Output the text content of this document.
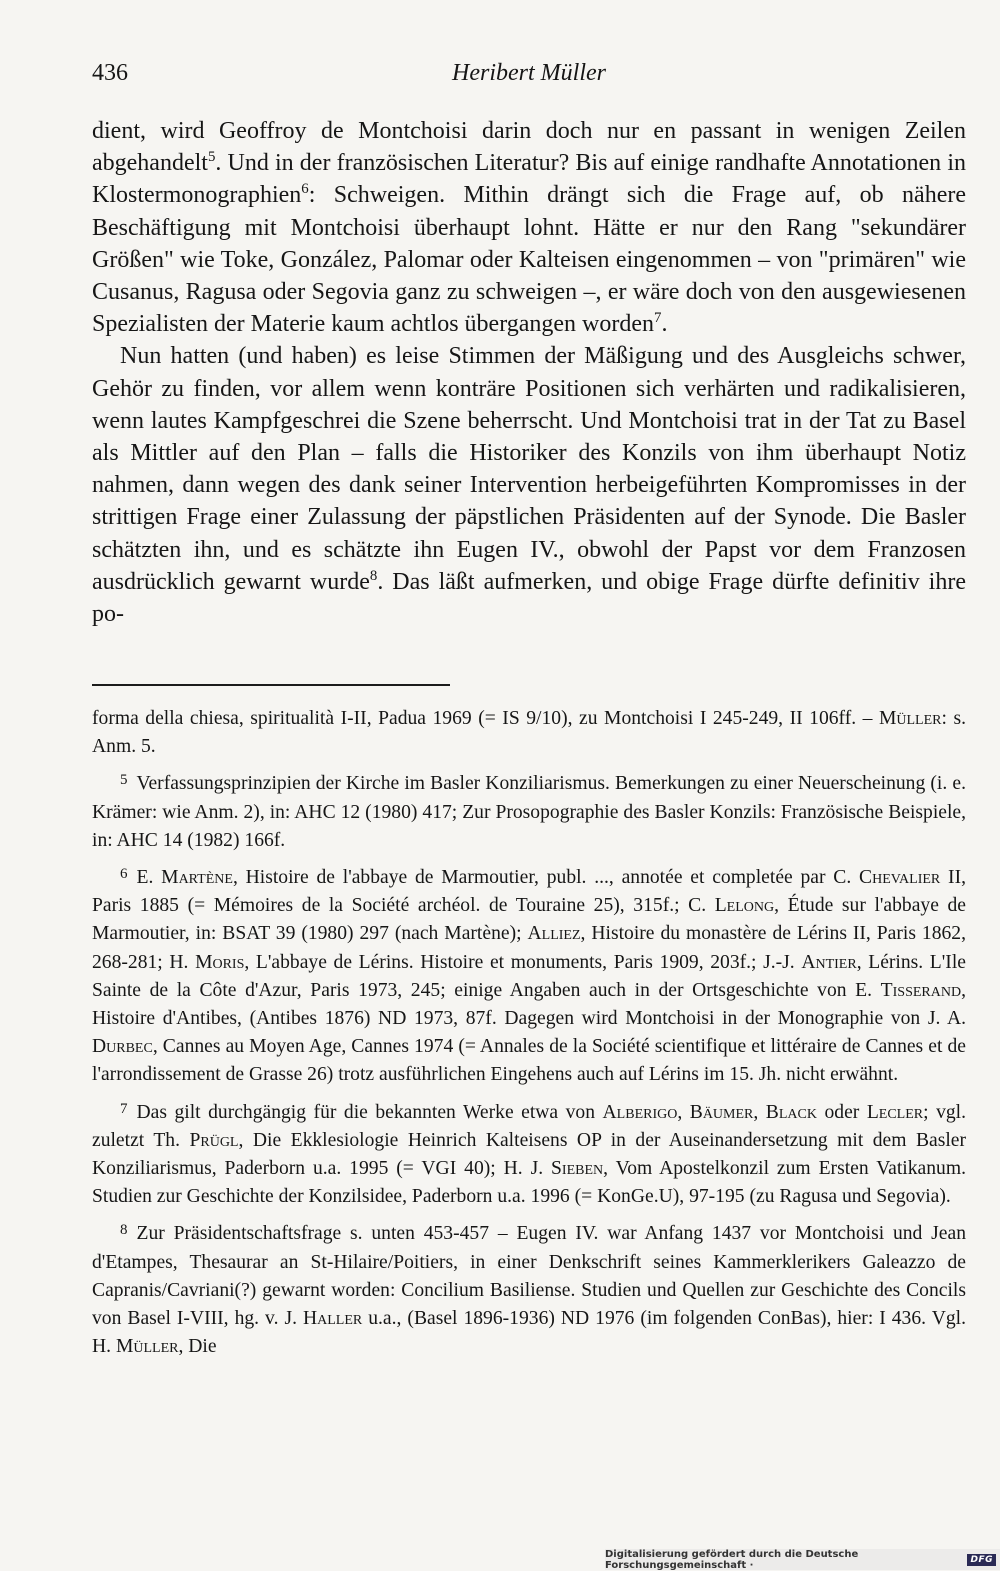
436	Heribert Müller

dient, wird Geoffroy de Montchoisi darin doch nur en passant in wenigen Zeilen abgehandelt$^5$. Und in der französischen Literatur? Bis auf einige randhafte Annotationen in Klostermonographien$^6$: Schweigen. Mithin drängt sich die Frage auf, ob nähere Beschäftigung mit Montchoisi überhaupt lohnt. Hätte er nur den Rang "sekundärer Größen" wie Toke, González, Palomar oder Kalteisen eingenommen – von "primären" wie Cusanus, Ragusa oder Segovia ganz zu schweigen –, er wäre doch von den ausgewiesenen Spezialisten der Materie kaum achtlos übergangen worden$^7$.

Nun hatten (und haben) es leise Stimmen der Mäßigung und des Ausgleichs schwer, Gehör zu finden, vor allem wenn konträre Positionen sich verhärten und radikalisieren, wenn lautes Kampfgeschrei die Szene beherrscht. Und Montchoisi trat in der Tat zu Basel als Mittler auf den Plan – falls die Historiker des Konzils von ihm überhaupt Notiz nahmen, dann wegen des dank seiner Intervention herbeigeführten Kompromisses in der strittigen Frage einer Zulassung der päpstlichen Präsidenten auf der Synode. Die Basler schätzten ihn, und es schätzte ihn Eugen IV., obwohl der Papst vor dem Franzosen ausdrücklich gewarnt wurde$^8$. Das läßt aufmerken, und obige Frage dürfte definitiv ihre po-

forma della chiesa, spiritualità I-II, Padua 1969 (= IS 9/10), zu Montchoisi I 245-249, II 106ff. – Müller: s. Anm. 5.

$^5$ Verfassungsprinzipien der Kirche im Basler Konziliarismus. Bemerkungen zu einer Neuerscheinung (i. e. Krämer: wie Anm. 2), in: AHC 12 (1980) 417; Zur Prosopographie des Basler Konzils: Französische Beispiele, in: AHC 14 (1982) 166f.

$^6$ E. Martène, Histoire de l'abbaye de Marmoutier, publ. ..., annotée et completée par C. Chevalier II, Paris 1885 (= Mémoires de la Société archéol. de Touraine 25), 315f.; C. Lelong, Étude sur l'abbaye de Marmoutier, in: BSAT 39 (1980) 297 (nach Martène); Alliez, Histoire du monastère de Lérins II, Paris 1862, 268-281; H. Moris, L'abbaye de Lérins. Histoire et monuments, Paris 1909, 203f.; J.-J. Antier, Lérins. L'Ile Sainte de la Côte d'Azur, Paris 1973, 245; einige Angaben auch in der Ortsgeschichte von E. Tisserand, Histoire d'Antibes, (Antibes 1876) ND 1973, 87f. Dagegen wird Montchoisi in der Monographie von J. A. Durbec, Cannes au Moyen Age, Cannes 1974 (= Annales de la Société scientifique et littéraire de Cannes et de l'arrondissement de Grasse 26) trotz ausführlichen Eingehens auch auf Lérins im 15. Jh. nicht erwähnt.

$^7$ Das gilt durchgängig für die bekannten Werke etwa von Alberigo, Bäumer, Black oder Lecler; vgl. zuletzt Th. Prügl, Die Ekklesiologie Heinrich Kalteisens OP in der Auseinandersetzung mit dem Basler Konziliarismus, Paderborn u.a. 1995 (= VGI 40); H. J. Sieben, Vom Apostelkonzil zum Ersten Vatikanum. Studien zur Geschichte der Konzilsidee, Paderborn u.a. 1996 (= KonGe.U), 97-195 (zu Ragusa und Segovia).

$^8$ Zur Präsidentschaftsfrage s. unten 453-457 – Eugen IV. war Anfang 1437 vor Montchoisi und Jean d'Etampes, Thesaurar an St-Hilaire/Poitiers, in einer Denkschrift seines Kammerklerikers Galeazzo de Capranis/Cavriani(?) gewarnt worden: Concilium Basiliense. Studien und Quellen zur Geschichte des Concils von Basel I-VIII, hg. v. J. Haller u.a., (Basel 1896-1936) ND 1976 (im folgenden ConBas), hier: I 436. Vgl. H. Müller, Die

Digitalisierung gefördert durch die Deutsche Forschungsgemeinschaft ·	DFG
